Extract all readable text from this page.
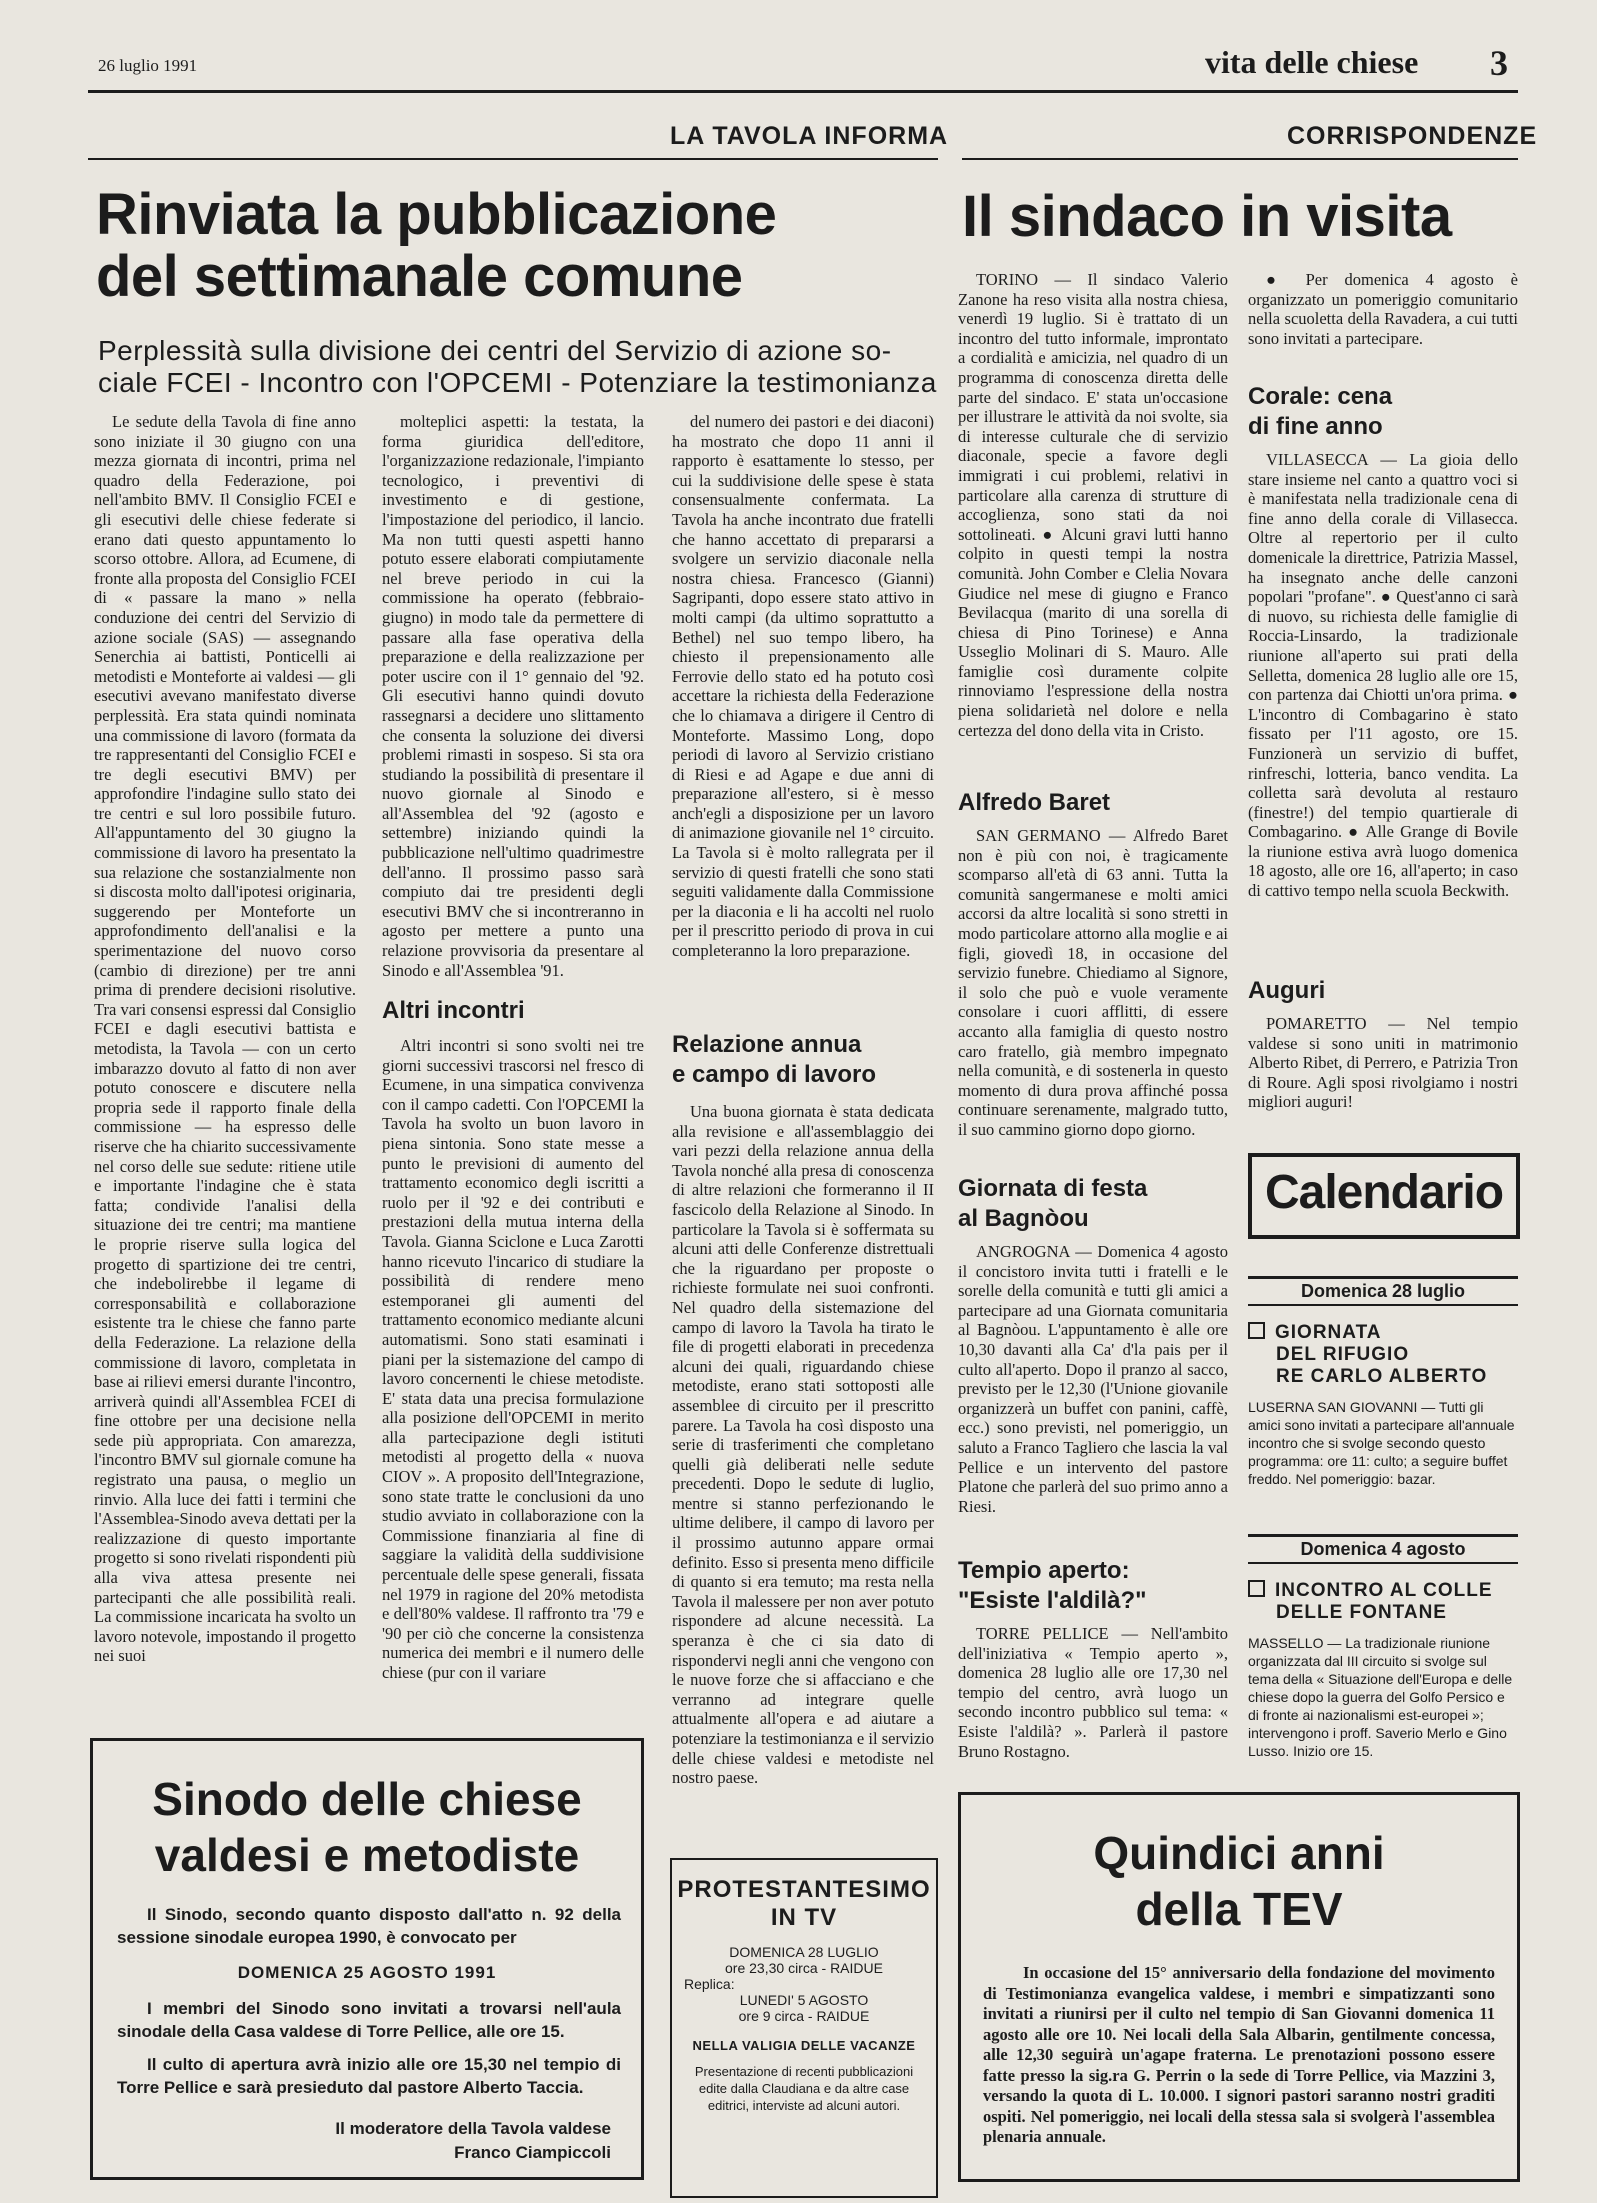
26 luglio 1991	vita delle chiese 3
LA TAVOLA INFORMA	CORRISPONDENZE
Rinviata la pubblicazione
del settimanale comune
Perplessità sulla divisione dei centri del Servizio di azione so-
ciale FCEI - Incontro con l'OPCEMI - Potenziare la testimonianza

Le sedute della Tavola di fine anno sono iniziate il 30 giugno con una mezza giornata di incontri, prima nel quadro della Federazione, poi nell'ambito BMV. Il Consiglio FCEI e gli esecutivi delle chiese federate si erano dati questo appuntamento lo scorso ottobre. Allora, ad Ecumene, di fronte alla proposta del Consiglio FCEI di « passare la mano » nella conduzione dei centri del Servizio di azione sociale (SAS) — assegnando Senerchia ai battisti, Ponticelli ai metodisti e Monteforte ai valdesi — gli esecutivi avevano manifestato diverse perplessità. Era stata quindi nominata una commissione di lavoro (formata da tre rappresentanti del Consiglio FCEI e tre degli esecutivi BMV) per approfondire l'indagine sullo stato dei tre centri e sul loro possibile futuro. All'appuntamento del 30 giugno la commissione di lavoro ha presentato la sua relazione che sostanzialmente non si discosta molto dall'ipotesi originaria, suggerendo per Monteforte un approfondimento dell'analisi e la sperimentazione del nuovo corso (cambio di direzione) per tre anni prima di prendere decisioni risolutive. Tra vari consensi espressi dal Consiglio FCEI e dagli esecutivi battista e metodista, la Tavola — con un certo imbarazzo dovuto al fatto di non aver potuto conoscere e discutere nella propria sede il rapporto finale della commissione — ha espresso delle riserve che ha chiarito successivamente nel corso delle sue sedute: ritiene utile e importante l'indagine che è stata fatta; condivide l'analisi della situazione dei tre centri; ma mantiene le proprie riserve sulla logica del progetto di spartizione dei tre centri, che indebolirebbe il legame di corresponsabilità e collaborazione esistente tra le chiese che fanno parte della Federazione. La relazione della commissione di lavoro, completata in base ai rilievi emersi durante l'incontro, arriverà quindi all'Assemblea FCEI di fine ottobre per una decisione nella sede più appropriata. Con amarezza, l'incontro BMV sul giornale comune ha registrato una pausa, o meglio un rinvio. Alla luce dei fatti i termini che l'Assemblea-Sinodo aveva dettati per la realizzazione di questo importante progetto si sono rivelati rispondenti più alla viva attesa presente nei partecipanti che alle possibilità reali. La commissione incaricata ha svolto un lavoro notevole, impostando il progetto nei suoi

molteplici aspetti: la testata, la forma giuridica dell'editore, l'organizzazione redazionale, l'impianto tecnologico, i preventivi di investimento e di gestione, l'impostazione del periodico, il lancio. Ma non tutti questi aspetti hanno potuto essere elaborati compiutamente nel breve periodo in cui la commissione ha operato (febbraio-giugno) in modo tale da permettere di passare alla fase operativa della preparazione e della realizzazione per poter uscire con il 1° gennaio del '92. Gli esecutivi hanno quindi dovuto rassegnarsi a decidere uno slittamento che consenta la soluzione dei diversi problemi rimasti in sospeso. Si sta ora studiando la possibilità di presentare il nuovo giornale al Sinodo e all'Assemblea del '92 (agosto e settembre) iniziando quindi la pubblicazione nell'ultimo quadrimestre dell'anno. Il prossimo passo sarà compiuto dai tre presidenti degli esecutivi BMV che si incontreranno in agosto per mettere a punto una relazione provvisoria da presentare al Sinodo e all'Assemblea '91.

Altri incontri

Altri incontri si sono svolti nei tre giorni successivi trascorsi nel fresco di Ecumene, in una simpatica convivenza con il campo cadetti. Con l'OPCEMI la Tavola ha svolto un buon lavoro in piena sintonia. Sono state messe a punto le previsioni di aumento del trattamento economico degli iscritti a ruolo per il '92 e dei contributi e prestazioni della mutua interna della Tavola. Gianna Sciclone e Luca Zarotti hanno ricevuto l'incarico di studiare la possibilità di rendere meno estemporanei gli aumenti del trattamento economico mediante alcuni automatismi. Sono stati esaminati i piani per la sistemazione del campo di lavoro concernenti le chiese metodiste. E' stata data una precisa formulazione alla posizione dell'OPCEMI in merito alla partecipazione degli istituti metodisti al progetto della « nuova CIOV ». A proposito dell'Integrazione, sono state tratte le conclusioni da uno studio avviato in collaborazione con la Commissione finanziaria al fine di saggiare la validità della suddivisione percentuale delle spese generali, fissata nel 1979 in ragione del 20% metodista e dell'80% valdese. Il raffronto tra '79 e '90 per ciò che concerne la consistenza numerica dei membri e il numero delle chiese (pur con il variare

del numero dei pastori e dei diaconi) ha mostrato che dopo 11 anni il rapporto è esattamente lo stesso, per cui la suddivisione delle spese è stata consensualmente confermata. La Tavola ha anche incontrato due fratelli che hanno accettato di prepararsi a svolgere un servizio diaconale nella nostra chiesa. Francesco (Gianni) Sagripanti, dopo essere stato attivo in molti campi (da ultimo soprattutto a Bethel) nel suo tempo libero, ha chiesto il prepensionamento alle Ferrovie dello stato ed ha potuto così accettare la richiesta della Federazione che lo chiamava a dirigere il Centro di Monteforte. Massimo Long, dopo periodi di lavoro al Servizio cristiano di Riesi e ad Agape e due anni di preparazione all'estero, si è messo anch'egli a disposizione per un lavoro di animazione giovanile nel 1° circuito. La Tavola si è molto rallegrata per il servizio di questi fratelli che sono stati seguiti validamente dalla Commissione per la diaconia e li ha accolti nel ruolo per il prescritto periodo di prova in cui completeranno la loro preparazione.

Relazione annua
e campo di lavoro

Una buona giornata è stata dedicata alla revisione e all'assemblaggio dei vari pezzi della relazione annua della Tavola nonché alla presa di conoscenza di altre relazioni che formeranno il II fascicolo della Relazione al Sinodo. In particolare la Tavola si è soffermata su alcuni atti delle Conferenze distrettuali che la riguardano per proposte o richieste formulate nei suoi confronti. Nel quadro della sistemazione del campo di lavoro la Tavola ha tirato le file di progetti elaborati in precedenza alcuni dei quali, riguardando chiese metodiste, erano stati sottoposti alle assemblee di circuito per il prescritto parere. La Tavola ha così disposto una serie di trasferimenti che completano quelli già deliberati nelle sedute precedenti. Dopo le sedute di luglio, mentre si stanno perfezionando le ultime delibere, il campo di lavoro per il prossimo autunno appare ormai definito. Esso si presenta meno difficile di quanto si era temuto; ma resta nella Tavola il malessere per non aver potuto rispondere ad alcune necessità. La speranza è che ci sia dato di rispondervi negli anni che vengono con le nuove forze che si affacciano e che verranno ad integrare quelle attualmente all'opera e ad aiutare a potenziare la testimonianza e il servizio delle chiese valdesi e metodiste nel nostro paese.

Il sindaco in visita

TORINO — Il sindaco Valerio Zanone ha reso visita alla nostra chiesa, venerdì 19 luglio. Si è trattato di un incontro del tutto informale, improntato a cordialità e amicizia, nel quadro di un programma di conoscenza diretta delle parte del sindaco. E' stata un'occasione per illustrare le attività da noi svolte, sia di interesse culturale che di servizio diaconale, specie a favore degli immigrati i cui problemi, relativi in particolare alla carenza di strutture di accoglienza, sono stati da noi sottolineati. ● Alcuni gravi lutti hanno colpito in questi tempi la nostra comunità. John Comber e Clelia Novara Giudice nel mese di giugno e Franco Bevilacqua (marito di una sorella di chiesa di Pino Torinese) e Anna Usseglio Molinari di S. Mauro. Alle famiglie così duramente colpite rinnoviamo l'espressione della nostra piena solidarietà nel dolore e nella certezza del dono della vita in Cristo.

Alfredo Baret

SAN GERMANO — Alfredo Baret non è più con noi, è tragicamente scomparso all'età di 63 anni. Tutta la comunità sangermanese e molti amici accorsi da altre località si sono stretti in modo particolare attorno alla moglie e ai figli, giovedì 18, in occasione del servizio funebre. Chiediamo al Signore, il solo che può e vuole veramente consolare i cuori afflitti, di essere accanto alla famiglia di questo nostro caro fratello, già membro impegnato nella comunità, e di sostenerla in questo momento di dura prova affinché possa continuare serenamente, malgrado tutto, il suo cammino giorno dopo giorno.

Giornata di festa
al Bagnòou

ANGROGNA — Domenica 4 agosto il concistoro invita tutti i fratelli e le sorelle della comunità e tutti gli amici a partecipare ad una Giornata comunitaria al Bagnòou. L'appuntamento è alle ore 10,30 davanti alla Ca' d'la pais per il culto all'aperto. Dopo il pranzo al sacco, previsto per le 12,30 (l'Unione giovanile organizzerà un buffet con panini, caffè, ecc.) sono previsti, nel pomeriggio, un saluto a Franco Tagliero che lascia la val Pellice e un intervento del pastore Platone che parlerà del suo primo anno a Riesi.

Tempio aperto:
"Esiste l'aldilà?"

TORRE PELLICE — Nell'ambito dell'iniziativa « Tempio aperto », domenica 28 luglio alle ore 17,30 nel tempio del centro, avrà luogo un secondo incontro pubblico sul tema: « Esiste l'aldilà? ». Parlerà il pastore Bruno Rostagno.

● Per domenica 4 agosto è organizzato un pomeriggio comunitario nella scuoletta della Ravadera, a cui tutti sono invitati a partecipare.

Corale: cena
di fine anno

VILLASECCA — La gioia dello stare insieme nel canto a quattro voci si è manifestata nella tradizionale cena di fine anno della corale di Villasecca. Oltre al repertorio per il culto domenicale la direttrice, Patrizia Massel, ha insegnato anche delle canzoni popolari "profane". ● Quest'anno ci sarà di nuovo, su richiesta delle famiglie di Roccia-Linsardo, la tradizionale riunione all'aperto sui prati della Selletta, domenica 28 luglio alle ore 15, con partenza dai Chiotti un'ora prima. ● L'incontro di Combagarino è stato fissato per l'11 agosto, ore 15. Funzionerà un servizio di buffet, rinfreschi, lotteria, banco vendita. La colletta sarà devoluta al restauro (finestre!) del tempio quartierale di Combagarino. ● Alle Grange di Bovile la riunione estiva avrà luogo domenica 18 agosto, alle ore 16, all'aperto; in caso di cattivo tempo nella scuola Beckwith.

Auguri

POMARETTO — Nel tempio valdese si sono uniti in matrimonio Alberto Ribet, di Perrero, e Patrizia Tron di Roure. Agli sposi rivolgiamo i nostri migliori auguri!

Calendario
Domenica 28 luglio
GIORNATA
DEL RIFUGIO
RE CARLO ALBERTO
LUSERNA SAN GIOVANNI — Tutti gli amici sono invitati a partecipare all'annuale incontro che si svolge secondo questo programma: ore 11: culto; a seguire buffet freddo. Nel pomeriggio: bazar.
Domenica 4 agosto
INCONTRO AL COLLE
DELLE FONTANE
MASSELLO — La tradizionale riunione organizzata dal III circuito si svolge sul tema della « Situazione dell'Europa e delle chiese dopo la guerra del Golfo Persico e di fronte ai nazionalismi est-europei »; intervengono i proff. Saverio Merlo e Gino Lusso. Inizio ore 15.
Sinodo delle chiese
valdesi e metodiste
Il Sinodo, secondo quanto disposto dall'atto n. 92 della sessione sinodale europea 1990, è convocato per
DOMENICA 25 AGOSTO 1991
I membri del Sinodo sono invitati a trovarsi nell'aula sinodale della Casa valdese di Torre Pellice, alle ore 15.
Il culto di apertura avrà inizio alle ore 15,30 nel tempio di Torre Pellice e sarà presieduto dal pastore Alberto Taccia.
Il moderatore della Tavola valdese
Franco Ciampiccoli
PROTESTANTESIMO
IN TV
DOMENICA 28 LUGLIO
ore 23,30 circa - RAIDUE
Replica:
LUNEDI' 5 AGOSTO
ore 9 circa - RAIDUE
NELLA VALIGIA DELLE VACANZE
Presentazione di recenti pubblicazioni edite dalla Claudiana e da altre case editrici, interviste ad alcuni autori.
Quindici anni
della TEV
In occasione del 15° anniversario della fondazione del movimento di Testimonianza evangelica valdese, i membri e simpatizzanti sono invitati a riunirsi per il culto nel tempio di San Giovanni domenica 11 agosto alle ore 10. Nei locali della Sala Albarin, gentilmente concessa, alle 12,30 seguirà un'agape fraterna. Le prenotazioni possono essere fatte presso la sig.ra G. Perrin o la sede di Torre Pellice, via Mazzini 3, versando la quota di L. 10.000. I signori pastori saranno nostri graditi ospiti. Nel pomeriggio, nei locali della stessa sala si svolgerà l'assemblea plenaria annuale.
